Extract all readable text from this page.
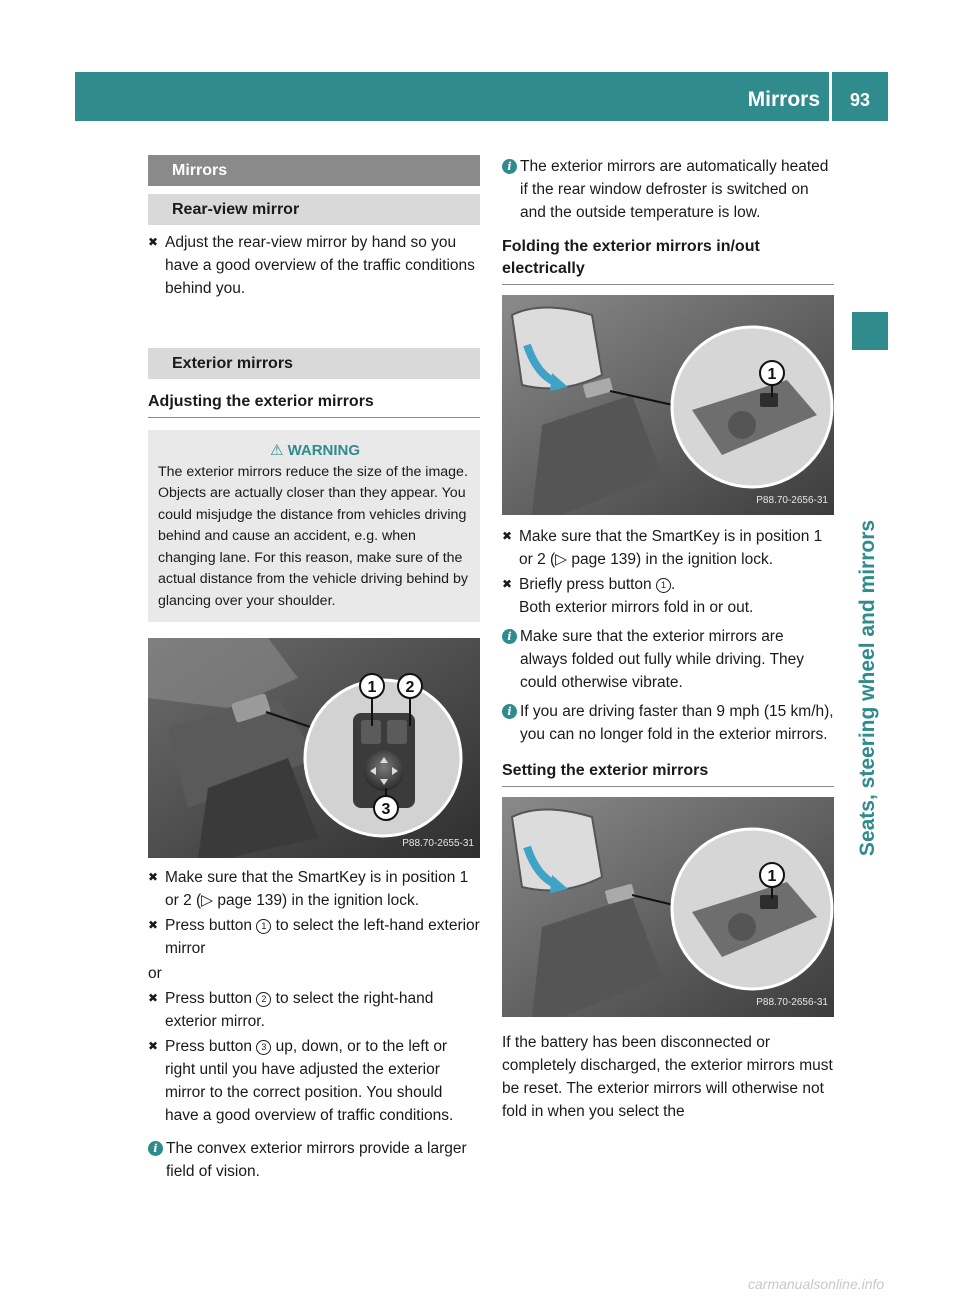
Mirrors 93
Seats, steering wheel and mirrors
Mirrors
Rear-view mirror
✖ Adjust the rear-view mirror by hand so you have a good overview of the traffic conditions behind you.
Exterior mirrors
Adjusting the exterior mirrors
⚠ WARNING
The exterior mirrors reduce the size of the image. Objects are actually closer than they appear. You could misjudge the distance from vehicles driving behind and cause an accident, e.g. when changing lane. For this reason, make sure of the actual distance from the vehicle driving behind by glancing over your shoulder.
1 2
3
P88.70-2655-31
✖ Make sure that the SmartKey is in position 1 or 2 (▷ page 139) in the ignition lock.
✖ Press button 1 to select the left-hand exterior mirror
or
✖ Press button 2 to select the right-hand exterior mirror.
✖ Press button 3 up, down, or to the left or right until you have adjusted the exterior mirror to the correct position. You should have a good overview of traffic conditions.
i The convex exterior mirrors provide a larger field of vision.
i The exterior mirrors are automatically heated if the rear window defroster is switched on and the outside temperature is low.
Folding the exterior mirrors in/out electrically
1
P88.70-2656-31
✖ Make sure that the SmartKey is in position 1 or 2 (▷ page 139) in the ignition lock.
✖ Briefly press button 1 .
Both exterior mirrors fold in or out.
i Make sure that the exterior mirrors are always folded out fully while driving. They could otherwise vibrate.
i If you are driving faster than 9 mph (15 km/h), you can no longer fold in the exterior mirrors.
Setting the exterior mirrors
1
P88.70-2656-31
If the battery has been disconnected or completely discharged, the exterior mirrors must be reset. The exterior mirrors will otherwise not fold in when you select the
carmanualsonline.info
